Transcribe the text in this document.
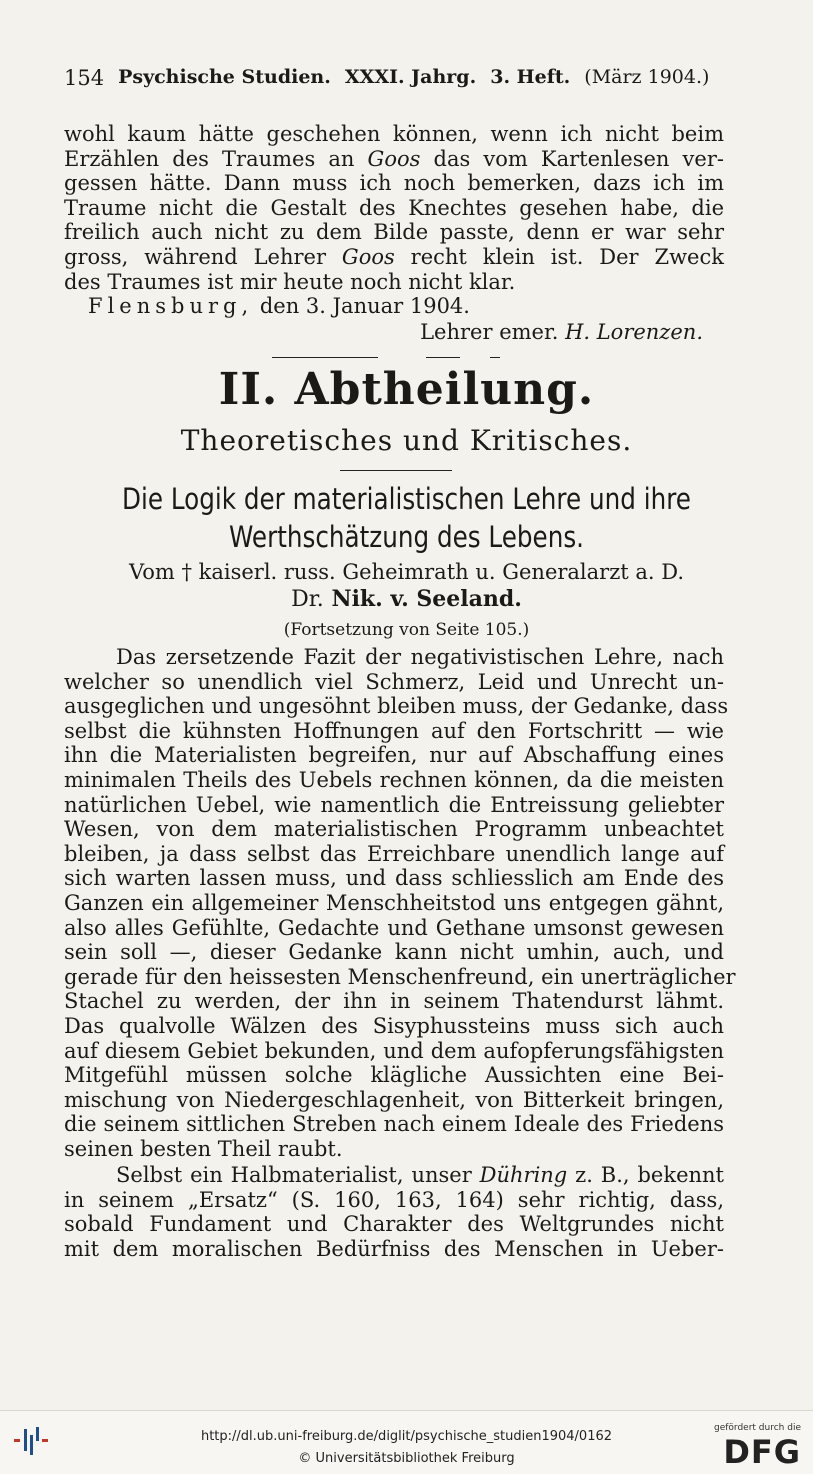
154 Psychische Studien. XXXI. Jahrg. 3. Heft. (März 1904.)
wohl kaum hätte geschehen können, wenn ich nicht beim
Erzählen des Traumes an Goos das vom Kartenlesen ver-
gessen hätte. Dann muss ich noch bemerken, dazs ich im
Traume nicht die Gestalt des Knechtes gesehen habe, die
freilich auch nicht zu dem Bilde passte, denn er war sehr
gross, während Lehrer Goos recht klein ist. Der Zweck
des Traumes ist mir heute noch nicht klar.
Flensburg, den 3. Januar 1904.
Lehrer emer. H. Lorenzen.
II. Abtheilung.
Theoretisches und Kritisches.
Die Logik der materialistischen Lehre und ihre
Werthschätzung des Lebens.
Vom † kaiserl. russ. Geheimrath u. Generalarzt a. D.
Dr. Nik. v. Seeland.
(Fortsetzung von Seite 105.)
Das zersetzende Fazit der negativistischen Lehre, nach
welcher so unendlich viel Schmerz, Leid und Unrecht un-
ausgeglichen und ungesöhnt bleiben muss, der Gedanke, dass
selbst die kühnsten Hoffnungen auf den Fortschritt — wie
ihn die Materialisten begreifen, nur auf Abschaffung eines
minimalen Theils des Uebels rechnen können, da die meisten
natürlichen Uebel, wie namentlich die Entreissung geliebter
Wesen, von dem materialistischen Programm unbeachtet
bleiben, ja dass selbst das Erreichbare unendlich lange auf
sich warten lassen muss, und dass schliesslich am Ende des
Ganzen ein allgemeiner Menschheitstod uns entgegen gähnt,
also alles Gefühlte, Gedachte und Gethane umsonst gewesen
sein soll —, dieser Gedanke kann nicht umhin, auch, und
gerade für den heissesten Menschenfreund, ein unerträglicher
Stachel zu werden, der ihn in seinem Thatendurst lähmt.
Das qualvolle Wälzen des Sisyphussteins muss sich auch
auf diesem Gebiet bekunden, und dem aufopferungsfähigsten
Mitgefühl müssen solche klägliche Aussichten eine Bei-
mischung von Niedergeschlagenheit, von Bitterkeit bringen,
die seinem sittlichen Streben nach einem Ideale des Friedens
seinen besten Theil raubt.
Selbst ein Halbmaterialist, unser Dühring z. B., bekennt
in seinem „Ersatz“ (S. 160, 163, 164) sehr richtig, dass,
sobald Fundament und Charakter des Weltgrundes nicht
mit dem moralischen Bedürfniss des Menschen in Ueber-
http://dl.ub.uni-freiburg.de/diglit/psychische_studien1904/0162
© Universitätsbibliothek Freiburg
gefördert durch die
DFG
